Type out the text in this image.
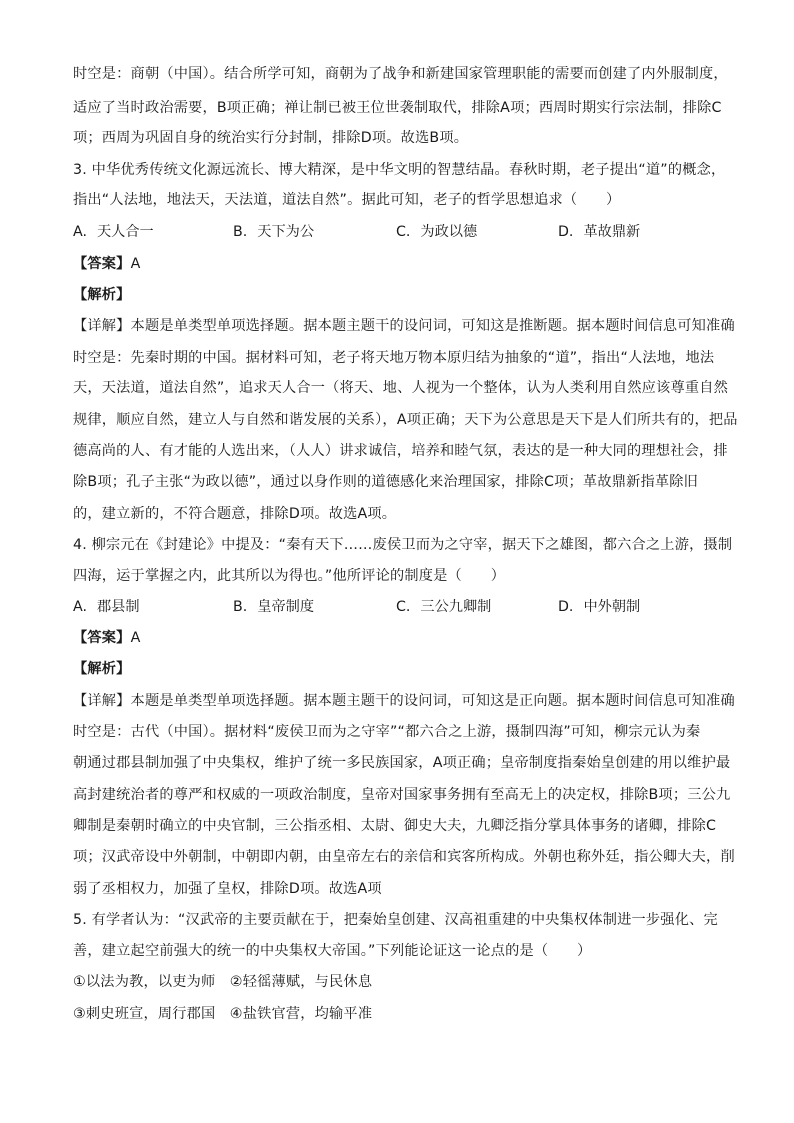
时空是：商朝（中国）。结合所学可知，商朝为了战争和新建国家管理职能的需要而创建了内外服制度，
适应了当时政治需要，B项正确；禅让制已被王位世袭制取代，排除A项；西周时期实行宗法制，排除C
项；西周为巩固自身的统治实行分封制，排除D项。故选B项。
3. 中华优秀传统文化源远流长、博大精深，是中华文明的智慧结晶。春秋时期，老子提出“道”的概念，
指出“人法地，地法天，天法道，道法自然”。据此可知，老子的哲学思想追求（　　）
A. 天人合一	B. 天下为公	C. 为政以德	D. 革故鼎新
【答案】A
【解析】
【详解】本题是单类型单项选择题。据本题主题干的设问词，可知这是推断题。据本题时间信息可知准确
时空是：先秦时期的中国。据材料可知，老子将天地万物本原归结为抽象的“道”，指出“人法地，地法
天，天法道，道法自然”，追求天人合一（将天、地、人视为一个整体，认为人类利用自然应该尊重自然
规律，顺应自然，建立人与自然和谐发展的关系），A项正确；天下为公意思是天下是人们所共有的，把品
德高尚的人、有才能的人选出来，（人人）讲求诚信，培养和睦气氛，表达的是一种大同的理想社会，排
除B项；孔子主张“为政以德”，通过以身作则的道德感化来治理国家，排除C项；革故鼎新指革除旧
的，建立新的，不符合题意，排除D项。故选A项。
4. 柳宗元在《封建论》中提及：“秦有天下……废侯卫而为之守宰，据天下之雄图，都六合之上游，摄制
四海，运于掌握之内，此其所以为得也。”他所评论的制度是（　　）
A. 郡县制	B. 皇帝制度	C. 三公九卿制	D. 中外朝制
【答案】A
【解析】
【详解】本题是单类型单项选择题。据本题主题干的设问词，可知这是正向题。据本题时间信息可知准确
时空是：古代（中国）。据材料“废侯卫而为之守宰”“都六合之上游，摄制四海”可知，柳宗元认为秦
朝通过郡县制加强了中央集权，维护了统一多民族国家，A项正确；皇帝制度指秦始皇创建的用以维护最
高封建统治者的尊严和权威的一项政治制度，皇帝对国家事务拥有至高无上的决定权，排除B项；三公九
卿制是秦朝时确立的中央官制，三公指丞相、太尉、御史大夫，九卿泛指分掌具体事务的诸卿，排除C
项；汉武帝设中外朝制，中朝即内朝，由皇帝左右的亲信和宾客所构成。外朝也称外廷，指公卿大夫，削
弱了丞相权力，加强了皇权，排除D项。故选A项
5. 有学者认为：“汉武帝的主要贡献在于，把秦始皇创建、汉高祖重建的中央集权体制进一步强化、完
善，建立起空前强大的统一的中央集权大帝国。”下列能论证这一论点的是（　　）
①以法为教，以吏为师　②轻徭薄赋，与民休息
③刺史班宣，周行郡国　④盐铁官营，均输平准
